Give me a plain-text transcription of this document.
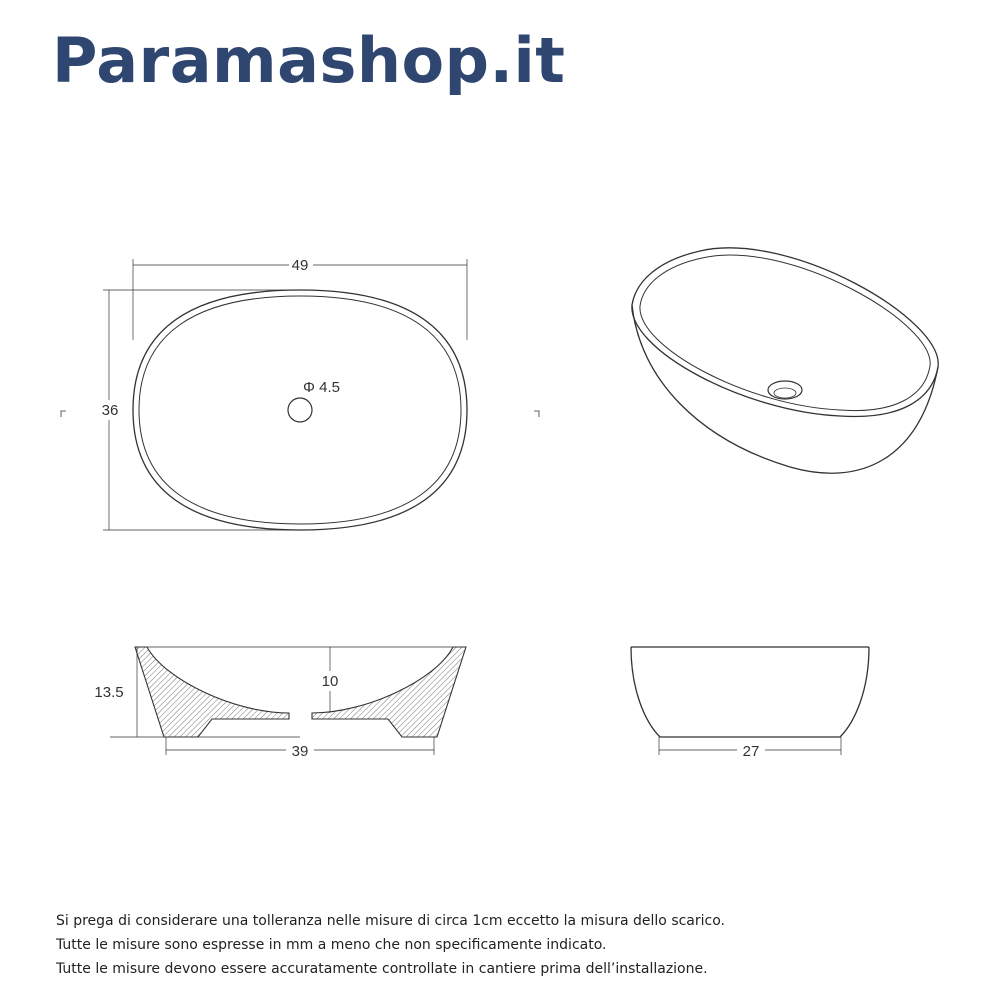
Paramashop.it
49
36
Φ 4.5
13.5
10
39	27
Si prega di considerare una tolleranza nelle misure di circa 1cm eccetto la misura dello scarico.
Tutte le misure sono espresse in mm a meno che non specificamente indicato.
Tutte le misure devono essere accuratamente controllate in cantiere prima dell’installazione.
